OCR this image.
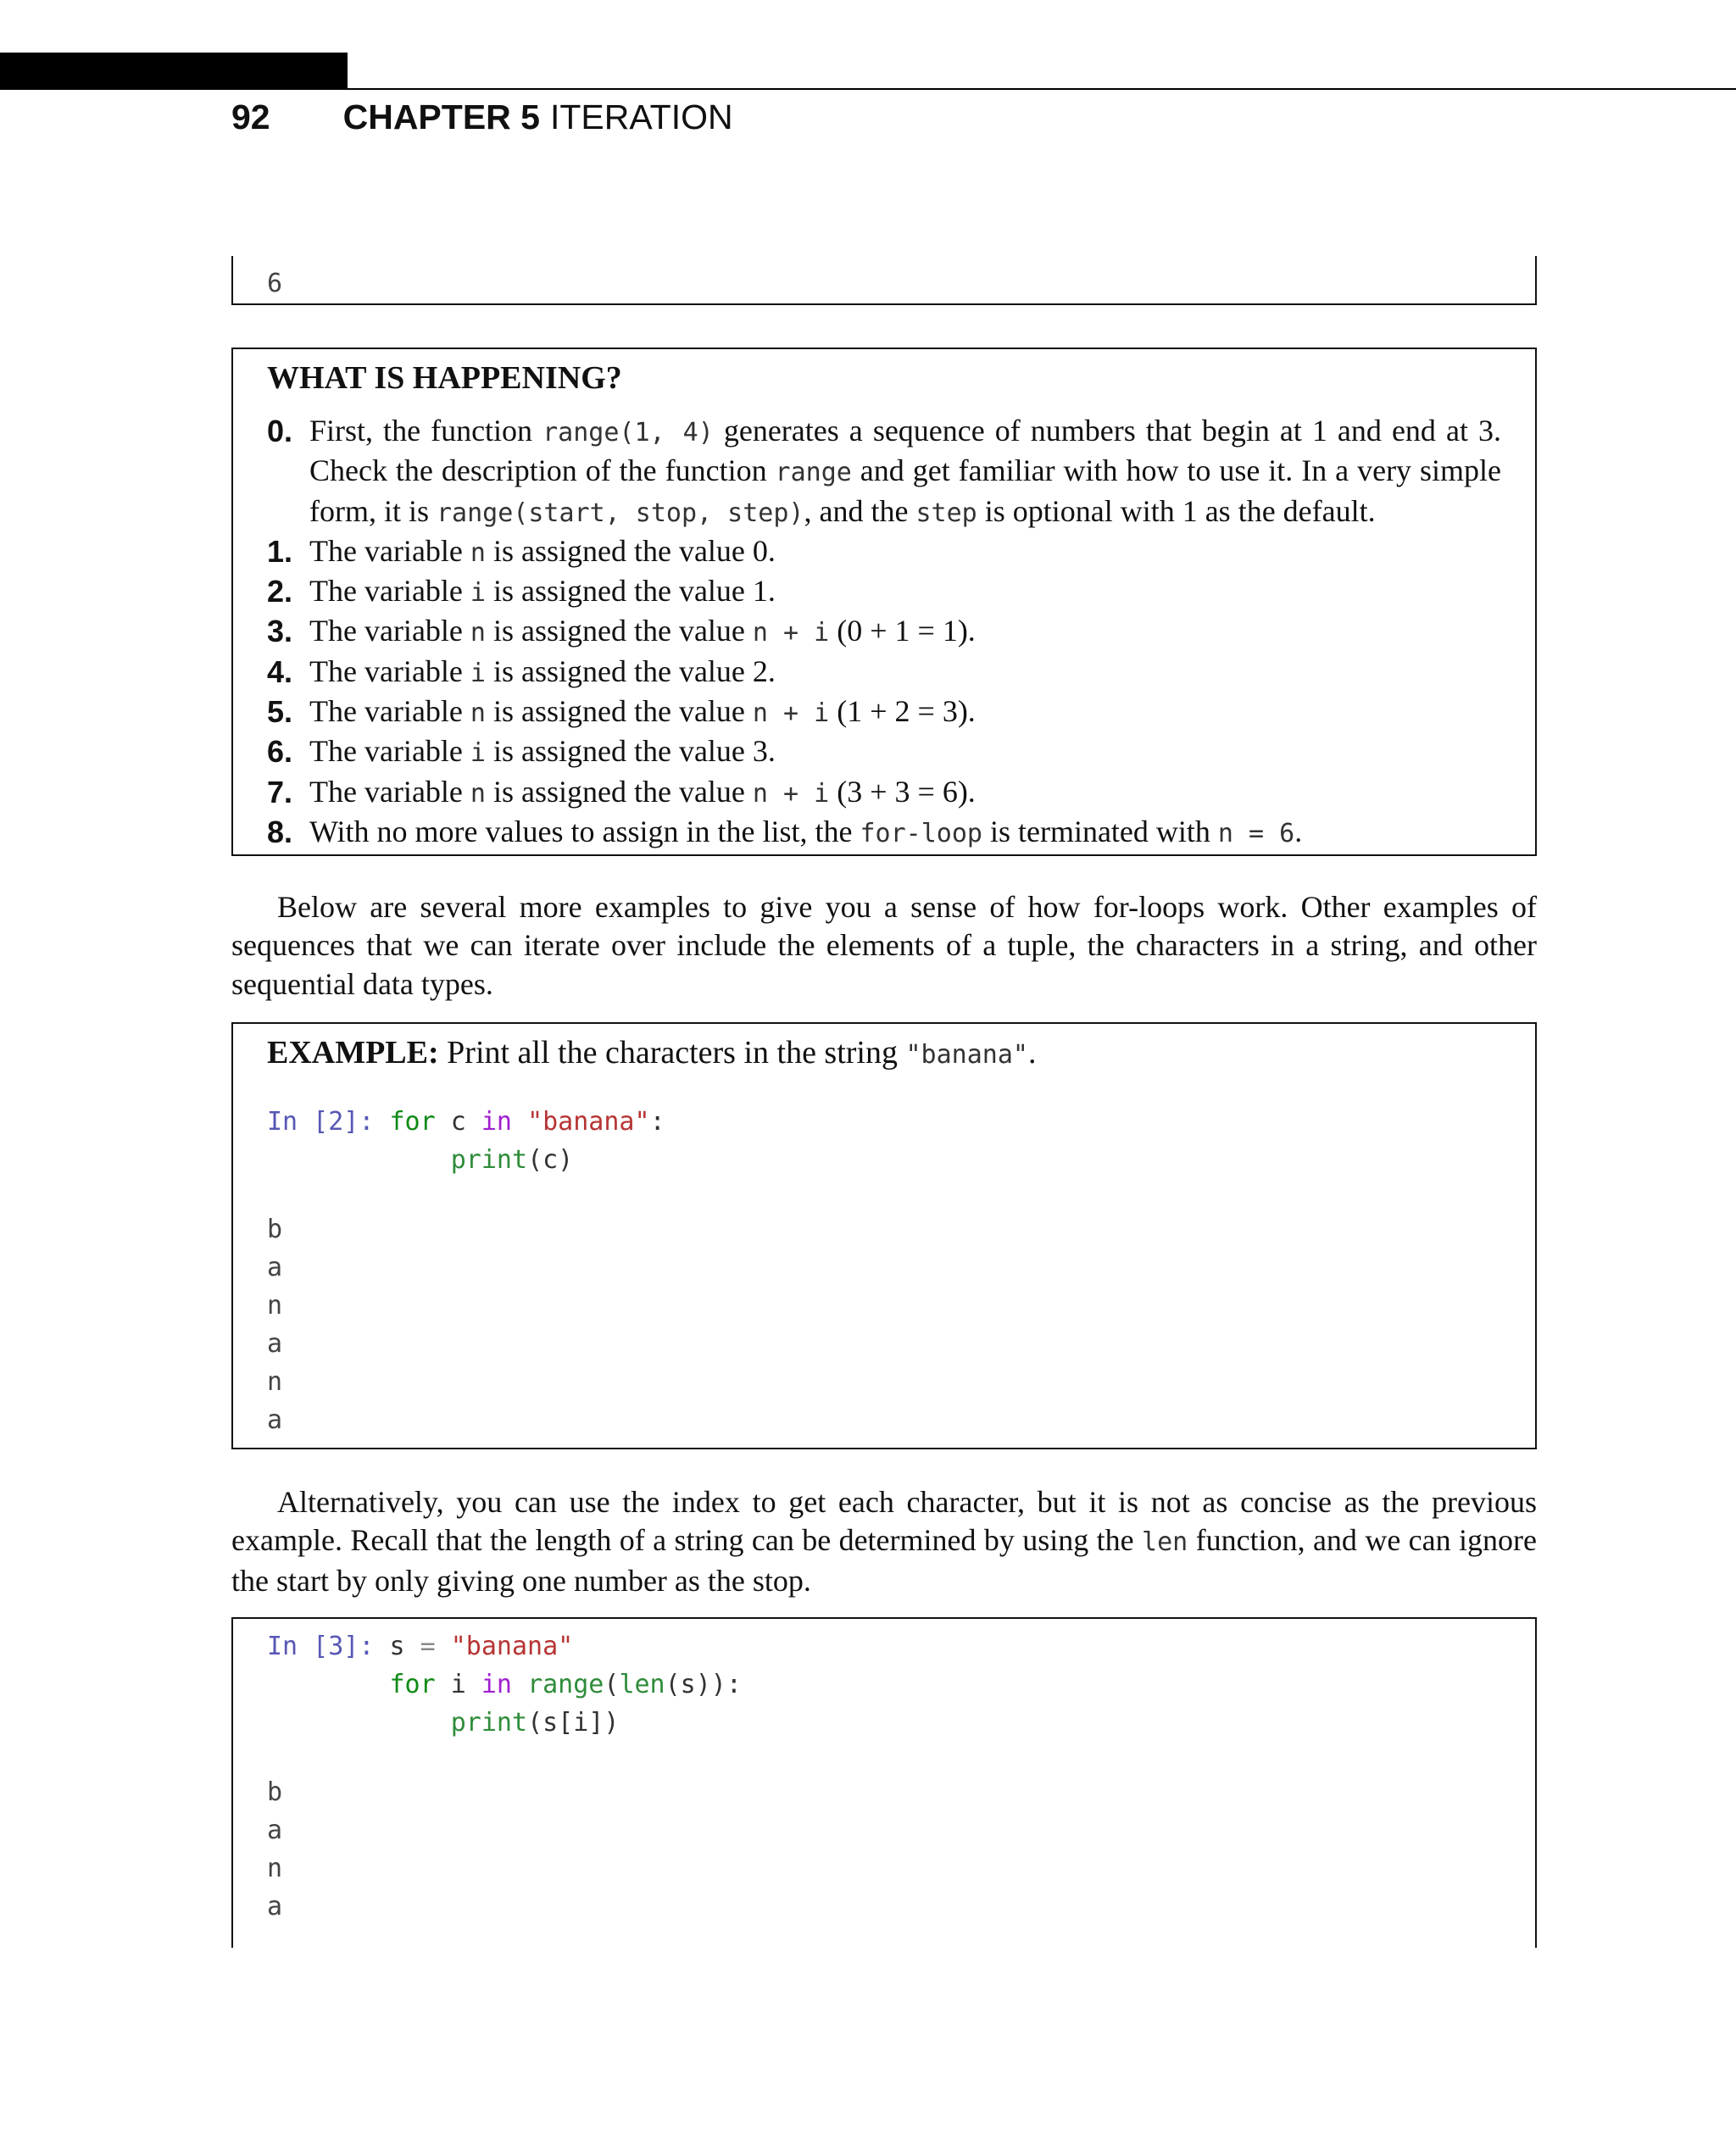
92 CHAPTER 5 ITERATION
6
WHAT IS HAPPENING?
0. First, the function range(1, 4) generates a sequence of numbers that begin at 1 and end at 3. Check the description of the function range and get familiar with how to use it. In a very simple form, it is range(start, stop, step), and the step is optional with 1 as the default.
1. The variable n is assigned the value 0.
2. The variable i is assigned the value 1.
3. The variable n is assigned the value n + i (0 + 1 = 1).
4. The variable i is assigned the value 2.
5. The variable n is assigned the value n + i (1 + 2 = 3).
6. The variable i is assigned the value 3.
7. The variable n is assigned the value n + i (3 + 3 = 6).
8. With no more values to assign in the list, the for-loop is terminated with n = 6.
Below are several more examples to give you a sense of how for-loops work. Other examples of sequences that we can iterate over include the elements of a tuple, the characters in a string, and other sequential data types.
EXAMPLE: Print all the characters in the string "banana".
In [2]: for c in "banana":
print(c)
b
a
n
a
n
a
Alternatively, you can use the index to get each character, but it is not as concise as the previous example. Recall that the length of a string can be determined by using the len function, and we can ignore the start by only giving one number as the stop.
In [3]: s = "banana"
for i in range(len(s)):
print(s[i])
b
a
n
a
